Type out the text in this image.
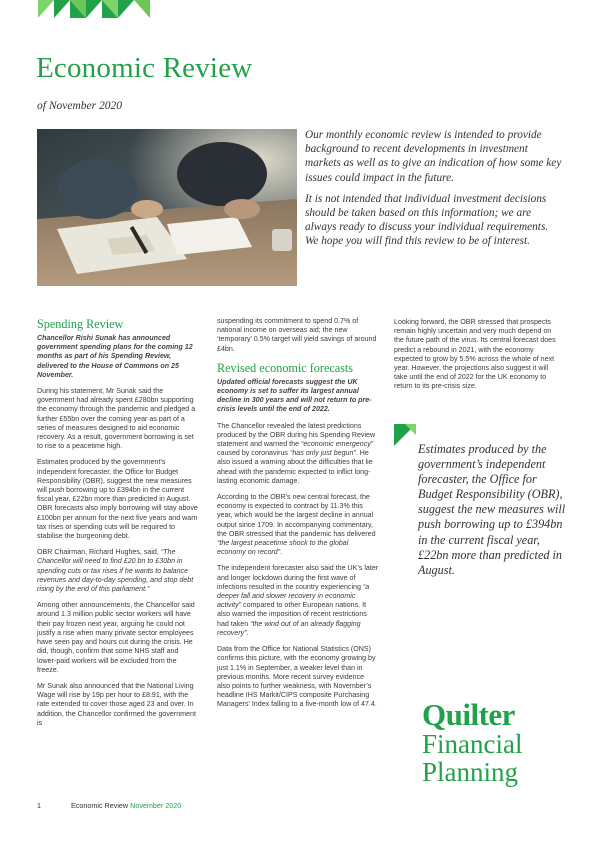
Economic Review
of November 2020

Our monthly economic review is intended to provide background to recent developments in investment markets as well as to give an indication of how some key issues could impact in the future.

It is not intended that individual investment decisions should be taken based on this information; we are always ready to discuss your individual requirements. We hope you will find this review to be of interest.

Spending Review

Chancellor Rishi Sunak has announced government spending plans for the coming 12 months as part of his Spending Review, delivered to the House of Commons on 25 November.

During his statement, Mr Sunak said the government had already spent £280bn supporting the economy through the pandemic and pledged a further £55bn over the coming year as part of a series of measures designed to aid economic recovery. As a result, government borrowing is set to rise to a peacetime high.

Estimates produced by the government’s independent forecaster, the Office for Budget Responsibility (OBR), suggest the new measures will push borrowing up to £394bn in the current fiscal year, £22bn more than predicted in August. OBR forecasts also imply borrowing will stay above £100bn per annum for the next five years and warn tax rises or spending cuts will be required to stabilise the burgeoning debt.

OBR Chairman, Richard Hughes, said, “The Chancellor will need to find £20 bn to £30bn in spending cuts or tax rises if he wants to balance revenues and day-to-day spending, and stop debt rising by the end of this parliament.”

Among other announcements, the Chancellor said around 1.3 million public sector workers will have their pay frozen next year, arguing he could not justify a rise when many private sector employees have seen pay and hours cut during the crisis. He did, though, confirm that some NHS staff and lower-paid workers will be excluded from the freeze.

Mr Sunak also announced that the National Living Wage will rise by 19p per hour to £8.91, with the rate extended to cover those aged 23 and over. In addition, the Chancellor confirmed the government is

suspending its commitment to spend 0.7% of national income on overseas aid; the new ‘temporary’ 0.5% target will yield savings of around £4bn.

Revised economic forecasts

Updated official forecasts suggest the UK economy is set to suffer its largest annual decline in 300 years and will not return to pre-crisis levels until the end of 2022.

The Chancellor revealed the latest predictions produced by the OBR during his Spending Review statement and warned the “economic emergency” caused by coronavirus “has only just begun”. He also issued a warning about the difficulties that lie ahead with the pandemic expected to inflict long-lasting economic damage.

According to the OBR’s new central forecast, the economy is expected to contract by 11.3% this year, which would be the largest decline in annual output since 1709. In accompanying commentary, the OBR stressed that the pandemic has delivered “the largest peacetime shock to the global economy on record”.

The independent forecaster also said the UK’s later and longer lockdown during the first wave of infections resulted in the country experiencing “a deeper fall and slower recovery in economic activity” compared to other European nations. It also warned the imposition of recent restrictions had taken “the wind out of an already flagging recovery”.

Data from the Office for National Statistics (ONS) confirms this picture, with the economy growing by just 1.1% in September, a weaker level than in previous months. More recent survey evidence also points to further weakness, with November’s headline IHS Markit/CIPS composite Purchasing Managers’ Index falling to a five-month low of 47.4.

Looking forward, the OBR stressed that prospects remain highly uncertain and very much depend on the future path of the virus. Its central forecast does predict a rebound in 2021, with the economy expected to grow by 5.5% across the whole of next year. However, the projections also suggest it will take until the end of 2022 for the UK economy to return to its pre-crisis size.

Estimates produced by the government’s independent forecaster, the Office for Budget Responsibility (OBR), suggest the new measures will push borrowing up to £394bn in the current fiscal year, £22bn more than predicted in August.
Quilter
Financial
Planning
1	Economic Review November 2020
